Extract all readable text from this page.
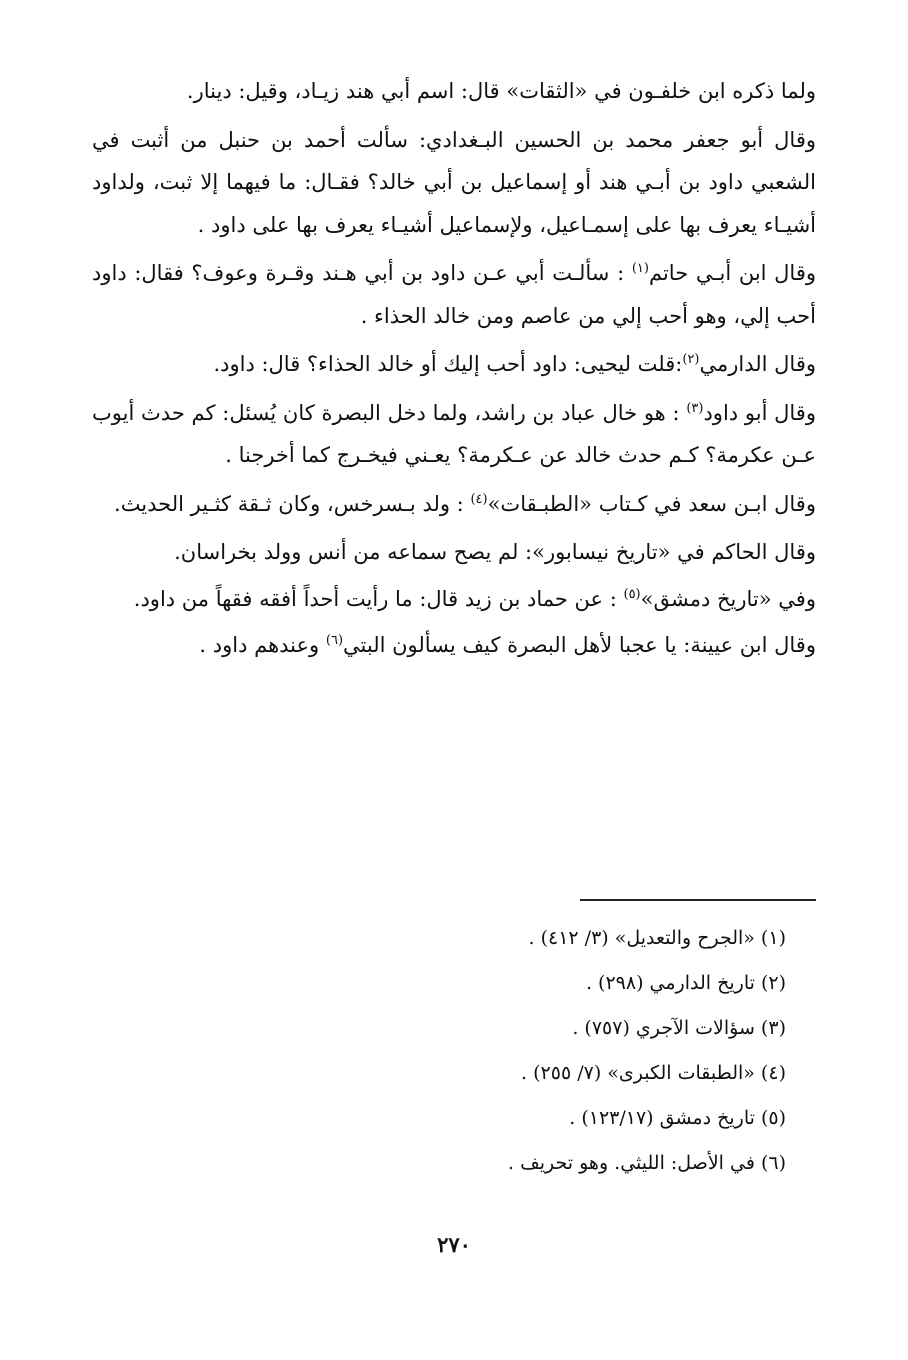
ولما ذكره ابن خلفـون في «الثقات» قال: اسم أبي هند زيـاد، وقيل: دينار.

وقال أبو جعفر محمد بن الحسين البـغدادي: سألت أحمد بن حنبل من أثبت في الشعبي داود بن أبـي هند أو إسماعيل بن أبي خالد؟ فقـال: ما فيهما إلا ثبت، ولداود أشيـاء يعرف بها على إسمـاعيل، ولإسماعيل أشيـاء يعرف بها على داود .

وقال ابن أبـي حاتم$^{(١)}$ : سألـت أبي عـن داود بن أبي هـند وقـرة وعوف؟ فقال: داود أحب إلي، وهو أحب إلي من عاصم ومن خالد الحذاء .

وقال الدارمي$^{(٢)}$:قلت ليحيى: داود أحب إليك أو خالد الحذاء؟ قال: داود.

وقال أبو داود$^{(٣)}$ : هو خال عباد بن راشد، ولما دخل البصرة كان يُسئل: كم حدث أيوب عـن عكرمة؟ كـم حدث خالد عن عـكرمة؟ يعـني فيخـرج كما أخرجنا .

وقال ابـن سعد في كـتاب «الطبـقات»$^{(٤)}$ : ولد بـسرخس، وكان ثـقة كثـير الحديث.

وقال الحاكم في «تاريخ نيسابور»: لم يصح سماعه من أنس وولد بخراسان.

وفي «تاريخ دمشق»$^{(٥)}$ : عن حماد بن زيد قال: ما رأيت أحداً أفقه فقهاً من داود.

وقال ابن عيينة: يا عجبا لأهل البصرة كيف يسألون البتي$^{(٦)}$ وعندهم داود .

(١) «الجرح والتعديل» (٣/ ٤١٢) .

(٢) تاريخ الدارمي (٢٩٨) .

(٣) سؤالات الآجري (٧٥٧) .

(٤) «الطبقات الكبرى» (٧/ ٢٥٥) .

(٥) تاريخ دمشق (١٢٣/١٧) .

(٦) في الأصل: الليثي. وهو تحريف .

٢٧٠
